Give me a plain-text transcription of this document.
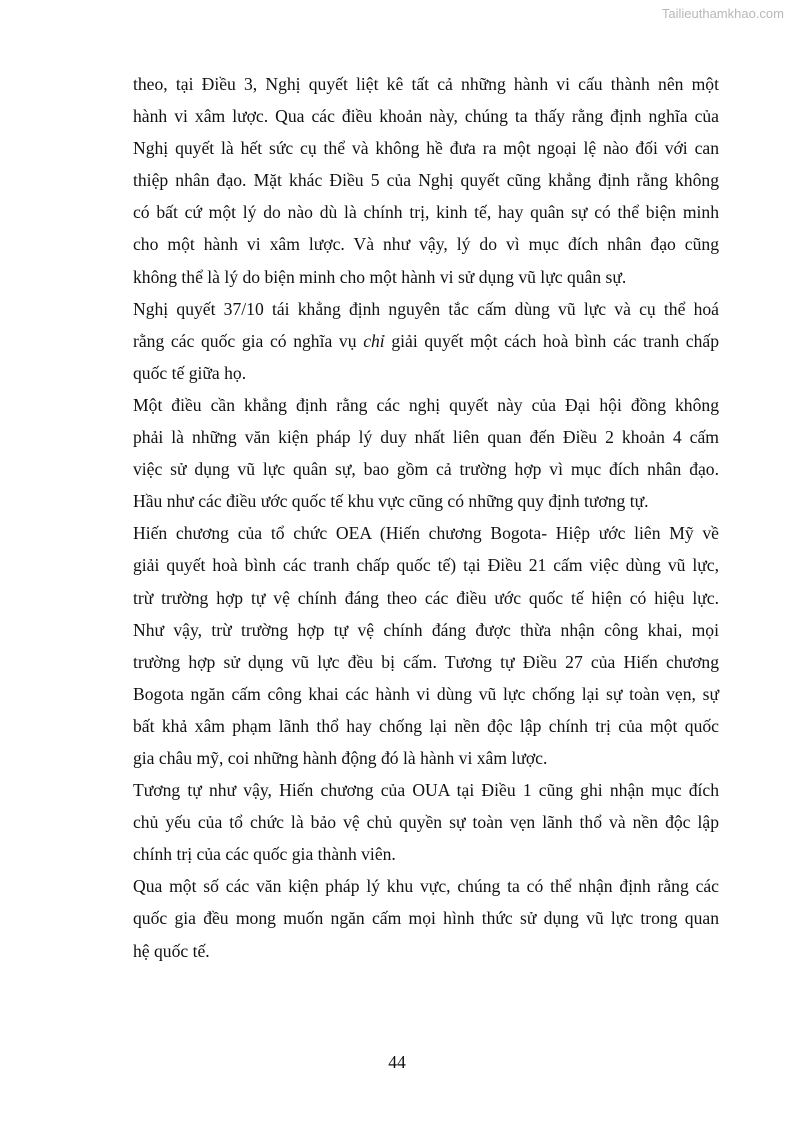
Tailieuthamkhao.com
theo, tại Điều 3, Nghị quyết liệt kê tất cả những hành vi cấu thành nên một
hành vi xâm lược. Qua các điều khoản này, chúng ta thấy rằng định nghĩa của
Nghị quyết là hết sức cụ thể và không hề đưa ra một ngoại lệ nào đối với can
thiệp nhân đạo. Mặt khác Điều 5 của Nghị quyết cũng khẳng định rằng không
có bất cứ một lý do nào dù là chính trị, kinh tế, hay quân sự có thể biện minh
cho một hành vi xâm lược. Và như vậy, lý do vì mục đích nhân đạo cũng
không thể là lý do biện minh cho một hành vi sử dụng vũ lực quân sự.
Nghị quyết 37/10 tái khẳng định nguyên tắc cấm dùng vũ lực và cụ thể hoá
rằng các quốc gia có nghĩa vụ chỉ giải quyết một cách hoà bình các tranh chấp
quốc tế giữa họ.
Một điều cần khẳng định rằng các nghị quyết này của Đại hội đồng không
phải là những văn kiện pháp lý duy nhất liên quan đến Điều 2 khoản 4 cấm
việc sử dụng vũ lực quân sự, bao gồm cả trường hợp vì mục đích nhân đạo.
Hầu như các điều ước quốc tế khu vực cũng có những quy định tương tự.
Hiến chương của tổ chức OEA (Hiến chương Bogota- Hiệp ước liên Mỹ về
giải quyết hoà bình các tranh chấp quốc tế) tại Điều 21 cấm việc dùng vũ lực,
trừ trường hợp tự vệ chính đáng theo các điều ước quốc tế hiện có hiệu lực.
Như vậy, trừ trường hợp tự vệ chính đáng được thừa nhận công khai, mọi
trường hợp sử dụng vũ lực đều bị cấm. Tương tự Điều 27 của Hiến chương
Bogota ngăn cấm công khai các hành vi dùng vũ lực chống lại sự toàn vẹn, sự
bất khả xâm phạm lãnh thổ hay chống lại nền độc lập chính trị của một quốc
gia châu mỹ, coi những hành động đó là hành vi xâm lược.
Tương tự như vậy, Hiến chương của OUA tại Điều 1 cũng ghi nhận mục đích
chủ yếu của tổ chức là bảo vệ chủ quyền sự toàn vẹn lãnh thổ và nền độc lập
chính trị của các quốc gia thành viên.
Qua một số các văn kiện pháp lý khu vực, chúng ta có thể nhận định rằng các
quốc gia đều mong muốn ngăn cấm mọi hình thức sử dụng vũ lực trong quan
hệ quốc tế.
44
